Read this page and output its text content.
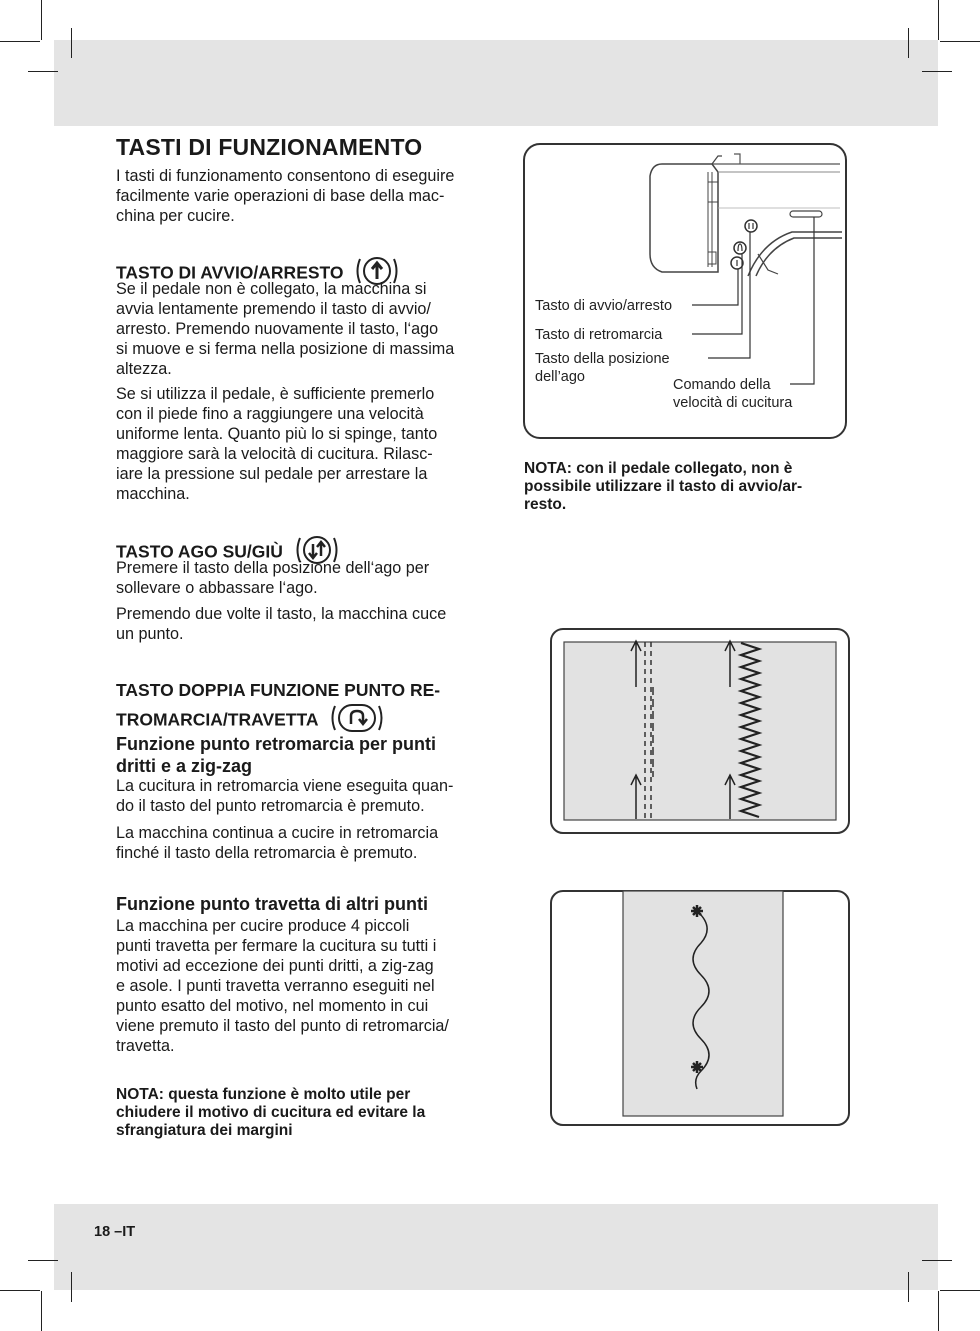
TASTI DI FUNZIONAMENTO

I tasti di funzionamento consentono di eseguire
facilmente varie operazioni di base della mac-
china per cucire.

TASTO DI AVVIO/ARRESTO

Se il pedale non è collegato, la macchina si
avvia lentamente premendo il tasto di avvio/
arresto. Premendo nuovamente il tasto, l‘ago
si muove e si ferma nella posizione di massima
altezza.

Se si utilizza il pedale, è sufficiente premerlo
con il piede fino a raggiungere una velocità
uniforme lenta. Quanto più lo si spinge, tanto
maggiore sarà la velocità di cucitura. Rilasc-
iare la pressione sul pedale per arrestare la
macchina.

TASTO AGO SU/GIÙ

Premere il tasto della posizione dell‘ago per
sollevare o abbassare l‘ago.

Premendo due volte il tasto, la macchina cuce
un punto.

TASTO DOPPIA FUNZIONE PUNTO RE-
TROMARCIA/TRAVETTA
Funzione punto retromarcia per punti
dritti e a zig-zag

La cucitura in retromarcia viene eseguita quan-
do il tasto del punto retromarcia è premuto.

La macchina continua a cucire in retromarcia
finché il tasto della retromarcia è premuto.

Funzione punto travetta di altri punti

La macchina per cucire produce 4 piccoli
punti travetta per fermare la cucitura su tutti i
motivi ad eccezione dei punti dritti, a zig-zag
e asole. I punti travetta verranno eseguiti nel
punto esatto del motivo, nel momento in cui
viene premuto il tasto del punto di retromarcia/
travetta.

NOTA: questa funzione è molto utile per
chiudere il motivo di cucitura ed evitare la
sfrangiatura dei margini

Tasto di avvio/arresto
Tasto di retromarcia
Tasto della posizione
dell’ago	Comando della
velocità di cucitura

NOTA: con il pedale collegato, non è
possibile utilizzare il tasto di avvio/ar-
resto.

18 –IT
